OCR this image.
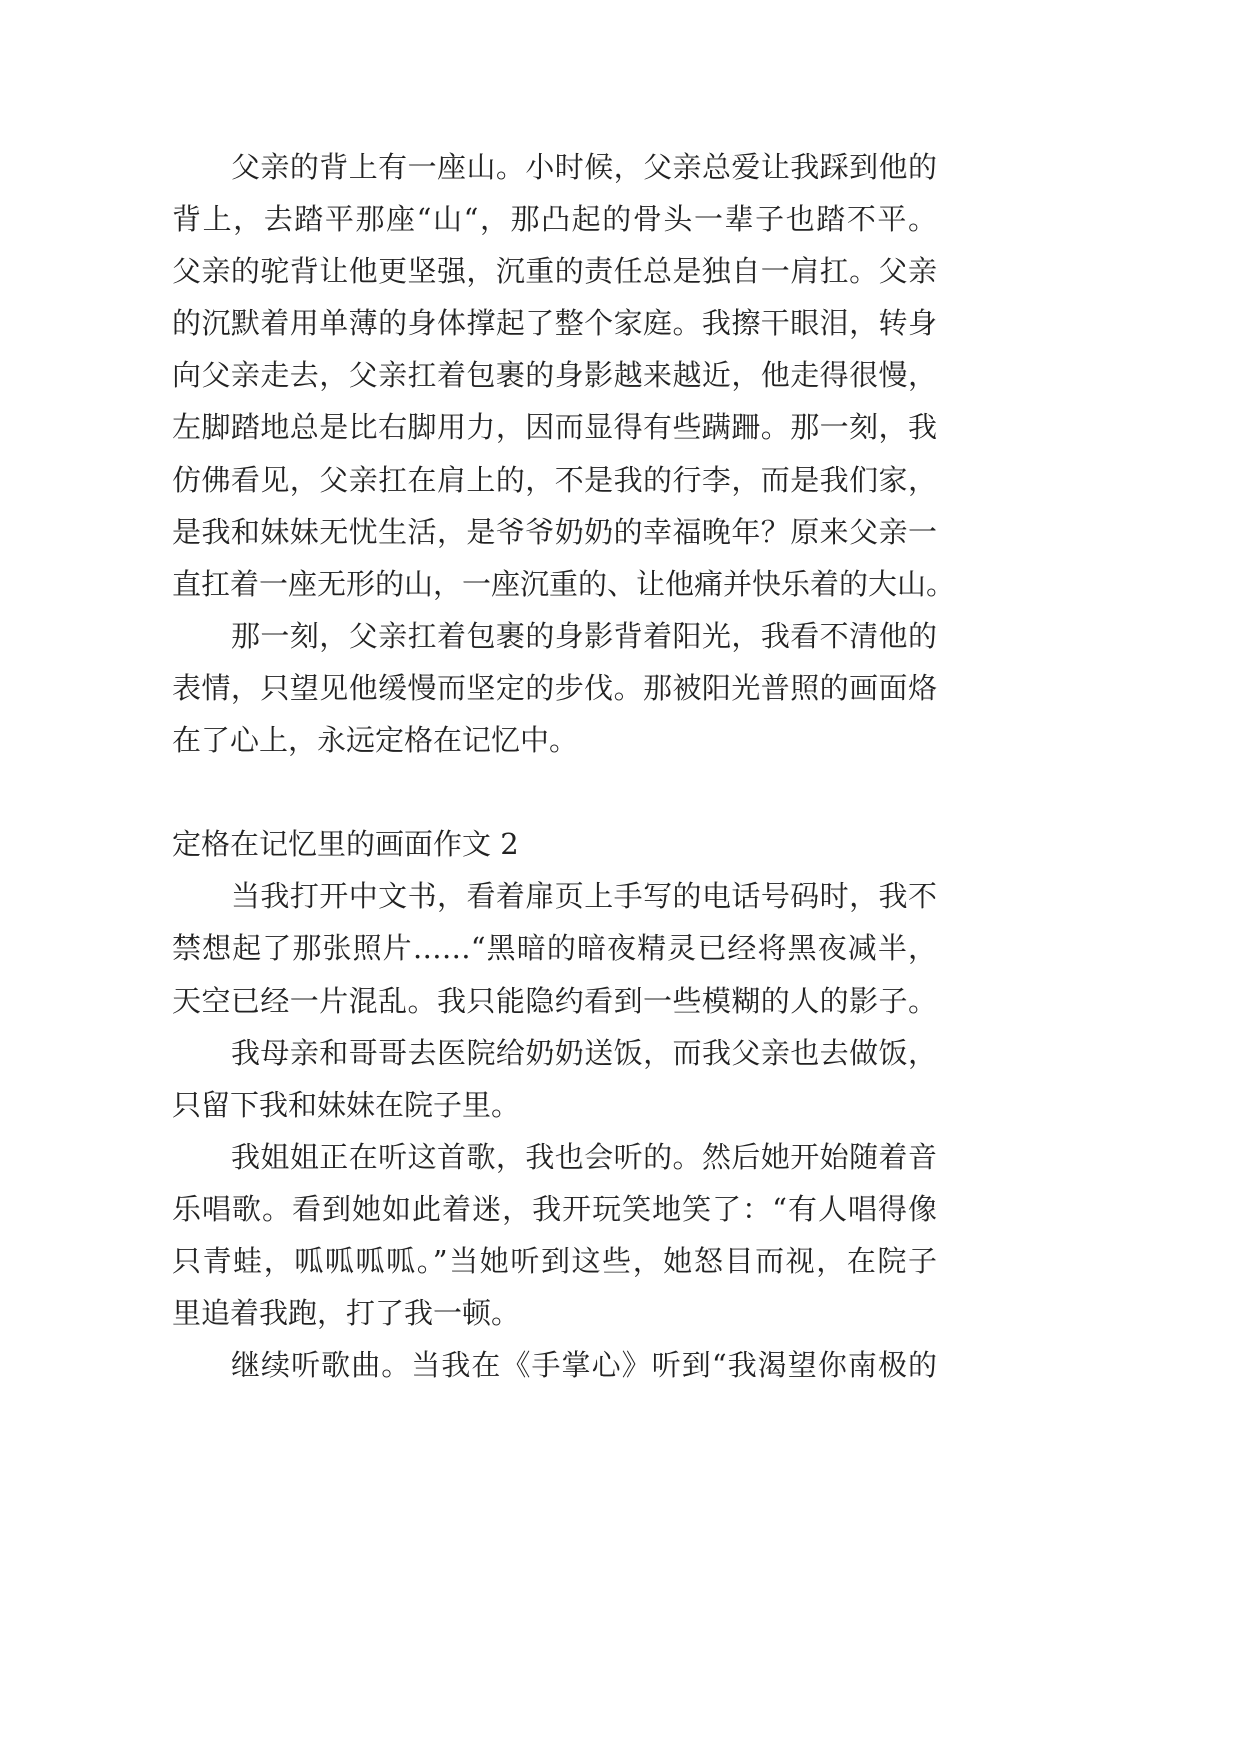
父亲的背上有一座山。小时候，父亲总爱让我踩到他的
背上，去踏平那座“山“，那凸起的骨头一辈子也踏不平。
父亲的驼背让他更坚强，沉重的责任总是独自一肩扛。父亲
的沉默着用单薄的身体撑起了整个家庭。我擦干眼泪，转身
向父亲走去，父亲扛着包裹的身影越来越近，他走得很慢，
左脚踏地总是比右脚用力，因而显得有些蹒跚。那一刻，我
仿佛看见，父亲扛在肩上的，不是我的行李，而是我们家，
是我和妹妹无忧生活，是爷爷奶奶的幸福晚年？原来父亲一
直扛着一座无形的山，一座沉重的、让他痛并快乐着的大山。
那一刻，父亲扛着包裹的身影背着阳光，我看不清他的
表情，只望见他缓慢而坚定的步伐。那被阳光普照的画面烙
在了心上，永远定格在记忆中。
定格在记忆里的画面作文 2
当我打开中文书，看着扉页上手写的电话号码时，我不
禁想起了那张照片……“黑暗的暗夜精灵已经将黑夜减半，
天空已经一片混乱。我只能隐约看到一些模糊的人的影子。
我母亲和哥哥去医院给奶奶送饭，而我父亲也去做饭，
只留下我和妹妹在院子里。
我姐姐正在听这首歌，我也会听的。然后她开始随着音
乐唱歌。看到她如此着迷，我开玩笑地笑了：“有人唱得像
只青蛙，呱呱呱呱。”当她听到这些，她怒目而视，在院子
里追着我跑，打了我一顿。
继续听歌曲。当我在《手掌心》听到“我渴望你南极的
